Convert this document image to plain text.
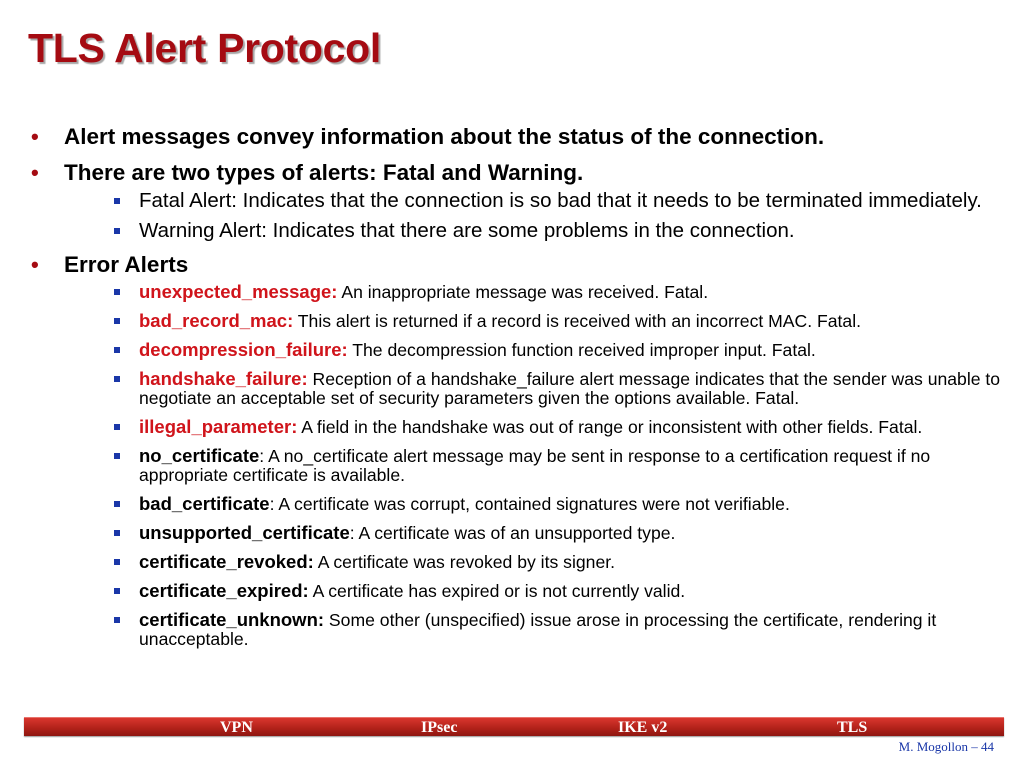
TLS Alert Protocol
• Alert messages convey information about the status of the connection.
• There are two types of alerts: Fatal and Warning.
Fatal Alert: Indicates that the connection is so bad that it needs to be terminated immediately.
Warning Alert: Indicates that there are some problems in the connection.
• Error Alerts
unexpected_message: An inappropriate message was received. Fatal.
bad_record_mac: This alert is returned if a record is received with an incorrect MAC. Fatal.
decompression_failure: The decompression function received improper input. Fatal.
handshake_failure: Reception of a handshake_failure alert message indicates that the sender was unable to negotiate an acceptable set of security parameters given the options available. Fatal.
illegal_parameter: A field in the handshake was out of range or inconsistent with other fields. Fatal.
no_certificate: A no_certificate alert message may be sent in response to a certification request if no appropriate certificate is available.
bad_certificate: A certificate was corrupt, contained signatures were not verifiable.
unsupported_certificate: A certificate was of an unsupported type.
certificate_revoked: A certificate was revoked by its signer.
certificate_expired: A certificate has expired or is not currently valid.
certificate_unknown: Some other (unspecified) issue arose in processing the certificate, rendering it unacceptable.
VPN	IPsec	IKE v2	TLS
M. Mogollon – 44
